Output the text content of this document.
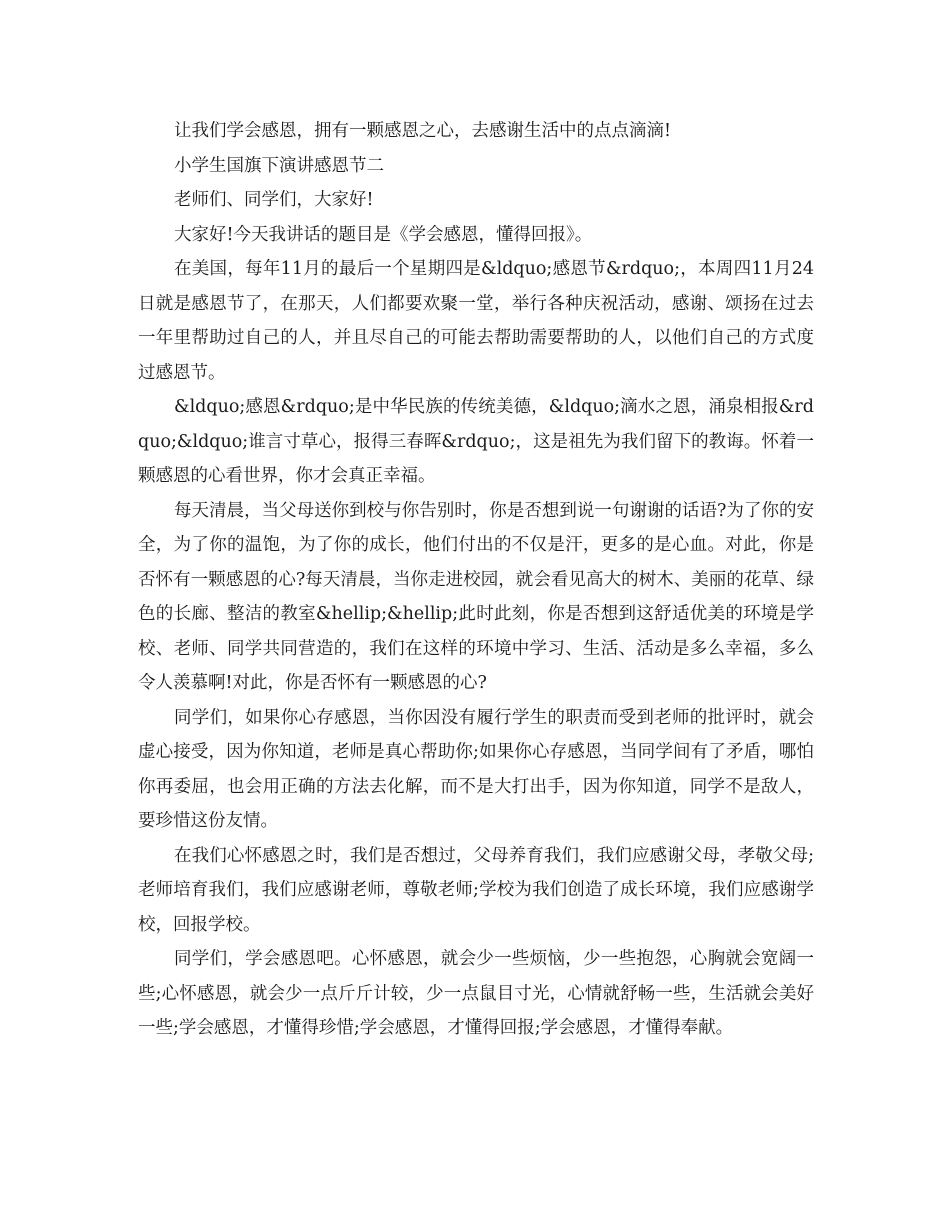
让我们学会感恩，拥有一颗感恩之心，去感谢生活中的点点滴滴!

小学生国旗下演讲感恩节二

老师们、同学们，大家好!

大家好!今天我讲话的题目是《学会感恩，懂得回报》。

在美国，每年11月的最后一个星期四是&ldquo;感恩节&rdquo;，本周四11月24日就是感恩节了，在那天，人们都要欢聚一堂，举行各种庆祝活动，感谢、颂扬在过去一年里帮助过自己的人，并且尽自己的可能去帮助需要帮助的人，以他们自己的方式度过感恩节。

&ldquo;感恩&rdquo;是中华民族的传统美德，&ldquo;滴水之恩，涌泉相报&rdquo;&ldquo;谁言寸草心，报得三春晖&rdquo;，这是祖先为我们留下的教诲。怀着一颗感恩的心看世界，你才会真正幸福。

每天清晨，当父母送你到校与你告别时，你是否想到说一句谢谢的话语?为了你的安全，为了你的温饱，为了你的成长，他们付出的不仅是汗，更多的是心血。对此，你是否怀有一颗感恩的心?每天清晨，当你走进校园，就会看见高大的树木、美丽的花草、绿色的长廊、整洁的教室&hellip;&hellip;此时此刻，你是否想到这舒适优美的环境是学校、老师、同学共同营造的，我们在这样的环境中学习、生活、活动是多么幸福，多么令人羡慕啊!对此，你是否怀有一颗感恩的心?

同学们，如果你心存感恩，当你因没有履行学生的职责而受到老师的批评时，就会虚心接受，因为你知道，老师是真心帮助你;如果你心存感恩，当同学间有了矛盾，哪怕你再委屈，也会用正确的方法去化解，而不是大打出手，因为你知道，同学不是敌人，要珍惜这份友情。

在我们心怀感恩之时，我们是否想过，父母养育我们，我们应感谢父母，孝敬父母;老师培育我们，我们应感谢老师，尊敬老师;学校为我们创造了成长环境，我们应感谢学校，回报学校。

同学们，学会感恩吧。心怀感恩，就会少一些烦恼，少一些抱怨，心胸就会宽阔一些;心怀感恩，就会少一点斤斤计较，少一点鼠目寸光，心情就舒畅一些，生活就会美好一些;学会感恩，才懂得珍惜;学会感恩，才懂得回报;学会感恩，才懂得奉献。
